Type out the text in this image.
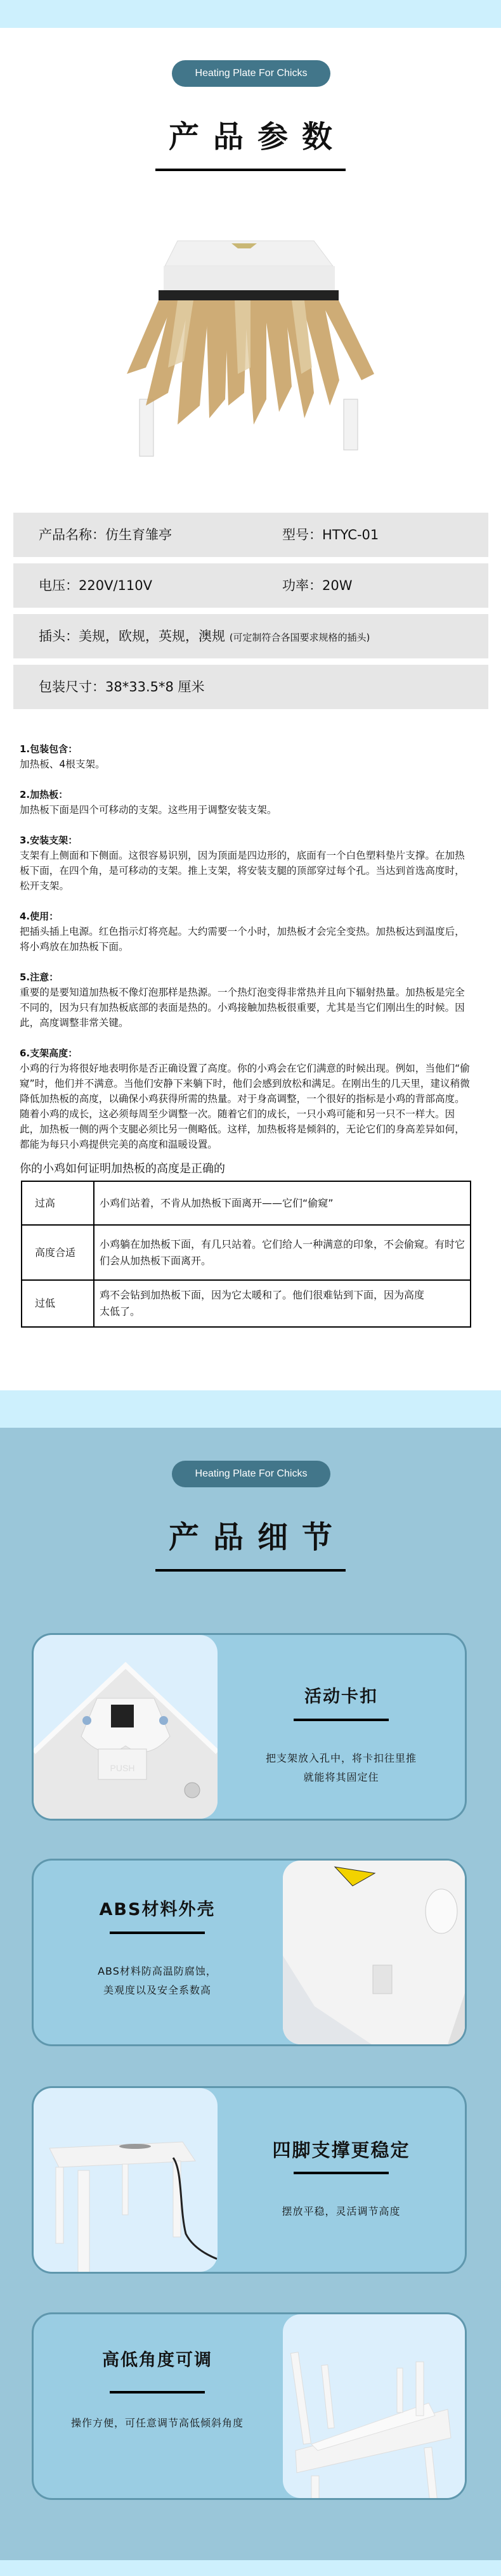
Heating Plate For Chicks
产品参数
产品名称：仿生育雏亭	型号：HTYC-01
电压：220V/110V	功率：20W
插头：美规，欧规，英规，澳规 (可定制符合各国要求规格的插头)
包装尺寸：38*33.5*8 厘米
1.包装包含：

加热板、4根支架。

2.加热板：

加热板下面是四个可移动的支架。这些用于调整安装支架。

3.安装支架：

支架有上侧面和下侧面。这很容易识别，因为顶面是四边形的，底面有一个白色塑料垫片支撑。在加热板下面，在四个角，是可移动的支架。推上支架，将安装支腿的顶部穿过每个孔。当达到首选高度时，松开支架。

4.使用：

把插头插上电源。红色指示灯将亮起。大约需要一个小时，加热板才会完全变热。加热板达到温度后，将小鸡放在加热板下面。

5.注意：

重要的是要知道加热板不像灯泡那样是热源。一个热灯泡变得非常热并且向下辐射热量。加热板是完全不同的，因为只有加热板底部的表面是热的。小鸡接触加热板很重要，尤其是当它们刚出生的时候。因此，高度调整非常关键。

6.支架高度：

小鸡的行为将很好地表明你是否正确设置了高度。你的小鸡会在它们满意的时候出现。例如，当他们“偷窥”时，他们并不满意。当他们安静下来躺下时，他们会感到放松和满足。在刚出生的几天里，建议稍微降低加热板的高度，以确保小鸡获得所需的热量。对于身高调整，一个很好的指标是小鸡的背部高度。随着小鸡的成长，这必须每周至少调整一次。随着它们的成长，一只小鸡可能和另一只不一样大。因此，加热板一侧的两个支腿必须比另一侧略低。这样，加热板将是倾斜的，无论它们的身高差异如何，都能为每只小鸡提供完美的高度和温暖设置。

你的小鸡如何证明加热板的高度是正确的
过高	小鸡们站着，不肯从加热板下面离开——它们“偷窥”
高度合适	小鸡躺在加热板下面，有几只站着。它们给人一种满意的印象，不会偷窥。有时它们会从加热板下面离开。
过低	鸡不会钻到加热板下面，因为它太暖和了。他们很难钻到下面，因为高度太低了。
Heating Plate For Chicks
产品细节
PUSH
活动卡扣
把支架放入孔中，将卡扣往里推
就能将其固定住
ABS材料外壳
ABS材料防高温防腐蚀，
美观度以及安全系数高
四脚支撑更稳定
摆放平稳，灵活调节高度
高低角度可调
操作方便，可任意调节高低倾斜角度
